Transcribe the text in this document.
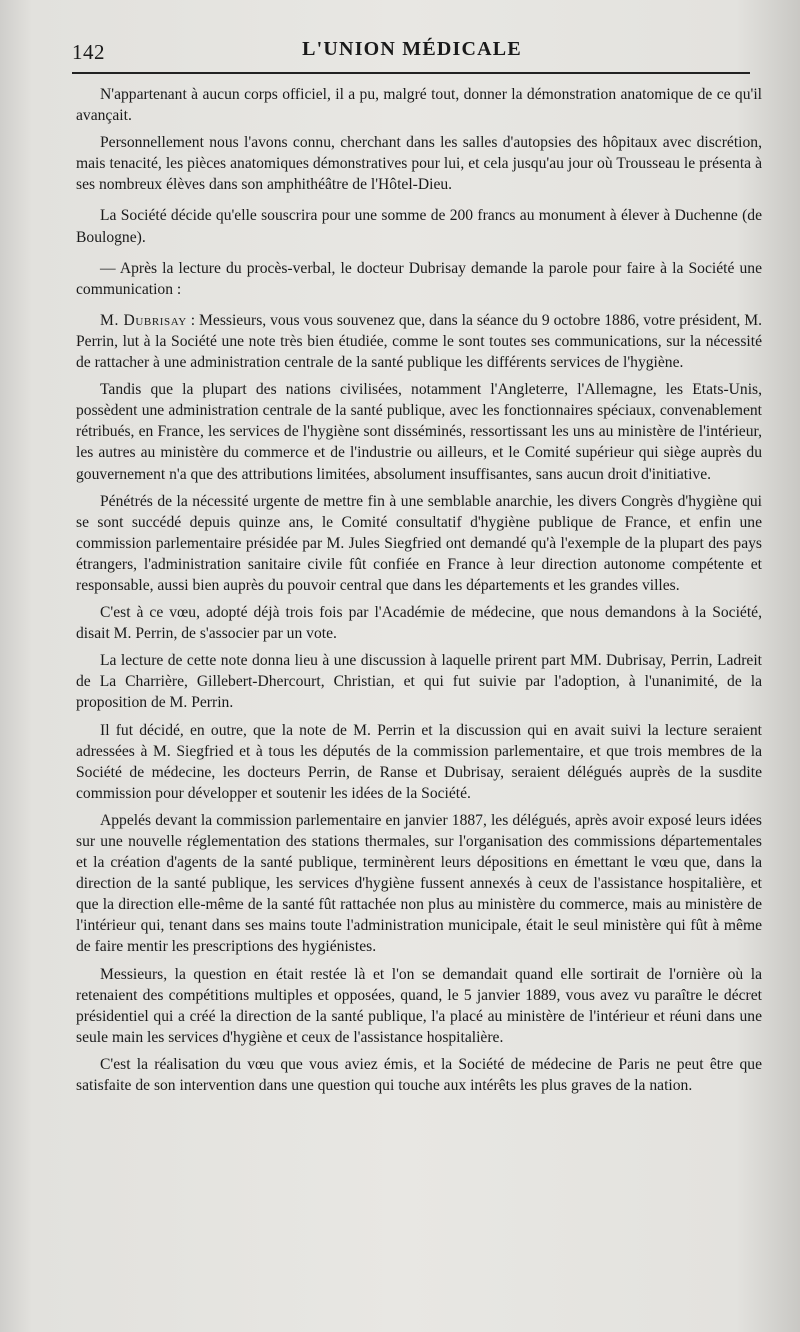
142	L'UNION MÉDICALE

N'appartenant à aucun corps officiel, il a pu, malgré tout, donner la démonstration anatomique de ce qu'il avançait.

Personnellement nous l'avons connu, cherchant dans les salles d'autopsies des hôpitaux avec discrétion, mais tenacité, les pièces anatomiques démonstratives pour lui, et cela jusqu'au jour où Trousseau le présenta à ses nombreux élèves dans son amphithéâtre de l'Hôtel-Dieu.

La Société décide qu'elle souscrira pour une somme de 200 francs au monument à élever à Duchenne (de Boulogne).

— Après la lecture du procès-verbal, le docteur Dubrisay demande la parole pour faire à la Société une communication :

M. Dubrisay : Messieurs, vous vous souvenez que, dans la séance du 9 octobre 1886, votre président, M. Perrin, lut à la Société une note très bien étudiée, comme le sont toutes ses communications, sur la nécessité de rattacher à une administration centrale de la santé publique les différents services de l'hygiène.

Tandis que la plupart des nations civilisées, notamment l'Angleterre, l'Allemagne, les Etats-Unis, possèdent une administration centrale de la santé publique, avec les fonctionnaires spéciaux, convenablement rétribués, en France, les services de l'hygiène sont disséminés, ressortissant les uns au ministère de l'intérieur, les autres au ministère du commerce et de l'industrie ou ailleurs, et le Comité supérieur qui siège auprès du gouvernement n'a que des attributions limitées, absolument insuffisantes, sans aucun droit d'initiative.

Pénétrés de la nécessité urgente de mettre fin à une semblable anarchie, les divers Congrès d'hygiène qui se sont succédé depuis quinze ans, le Comité consultatif d'hygiène publique de France, et enfin une commission parlementaire présidée par M. Jules Siegfried ont demandé qu'à l'exemple de la plupart des pays étrangers, l'administration sanitaire civile fût confiée en France à leur direction autonome compétente et responsable, aussi bien auprès du pouvoir central que dans les départements et les grandes villes.

C'est à ce vœu, adopté déjà trois fois par l'Académie de médecine, que nous demandons à la Société, disait M. Perrin, de s'associer par un vote.

La lecture de cette note donna lieu à une discussion à laquelle prirent part MM. Dubrisay, Perrin, Ladreit de La Charrière, Gillebert-Dhercourt, Christian, et qui fut suivie par l'adoption, à l'unanimité, de la proposition de M. Perrin.

Il fut décidé, en outre, que la note de M. Perrin et la discussion qui en avait suivi la lecture seraient adressées à M. Siegfried et à tous les députés de la commission parlementaire, et que trois membres de la Société de médecine, les docteurs Perrin, de Ranse et Dubrisay, seraient délégués auprès de la susdite commission pour développer et soutenir les idées de la Société.

Appelés devant la commission parlementaire en janvier 1887, les délégués, après avoir exposé leurs idées sur une nouvelle réglementation des stations thermales, sur l'organisation des commissions départementales et la création d'agents de la santé publique, terminèrent leurs dépositions en émettant le vœu que, dans la direction de la santé publique, les services d'hygiène fussent annexés à ceux de l'assistance hospitalière, et que la direction elle-même de la santé fût rattachée non plus au ministère du commerce, mais au ministère de l'intérieur qui, tenant dans ses mains toute l'administration municipale, était le seul ministère qui fût à même de faire mentir les prescriptions des hygiénistes.

Messieurs, la question en était restée là et l'on se demandait quand elle sortirait de l'ornière où la retenaient des compétitions multiples et opposées, quand, le 5 janvier 1889, vous avez vu paraître le décret présidentiel qui a créé la direction de la santé publique, l'a placé au ministère de l'intérieur et réuni dans une seule main les services d'hygiène et ceux de l'assistance hospitalière.

C'est la réalisation du vœu que vous aviez émis, et la Société de médecine de Paris ne peut être que satisfaite de son intervention dans une question qui touche aux intérêts les plus graves de la nation.
